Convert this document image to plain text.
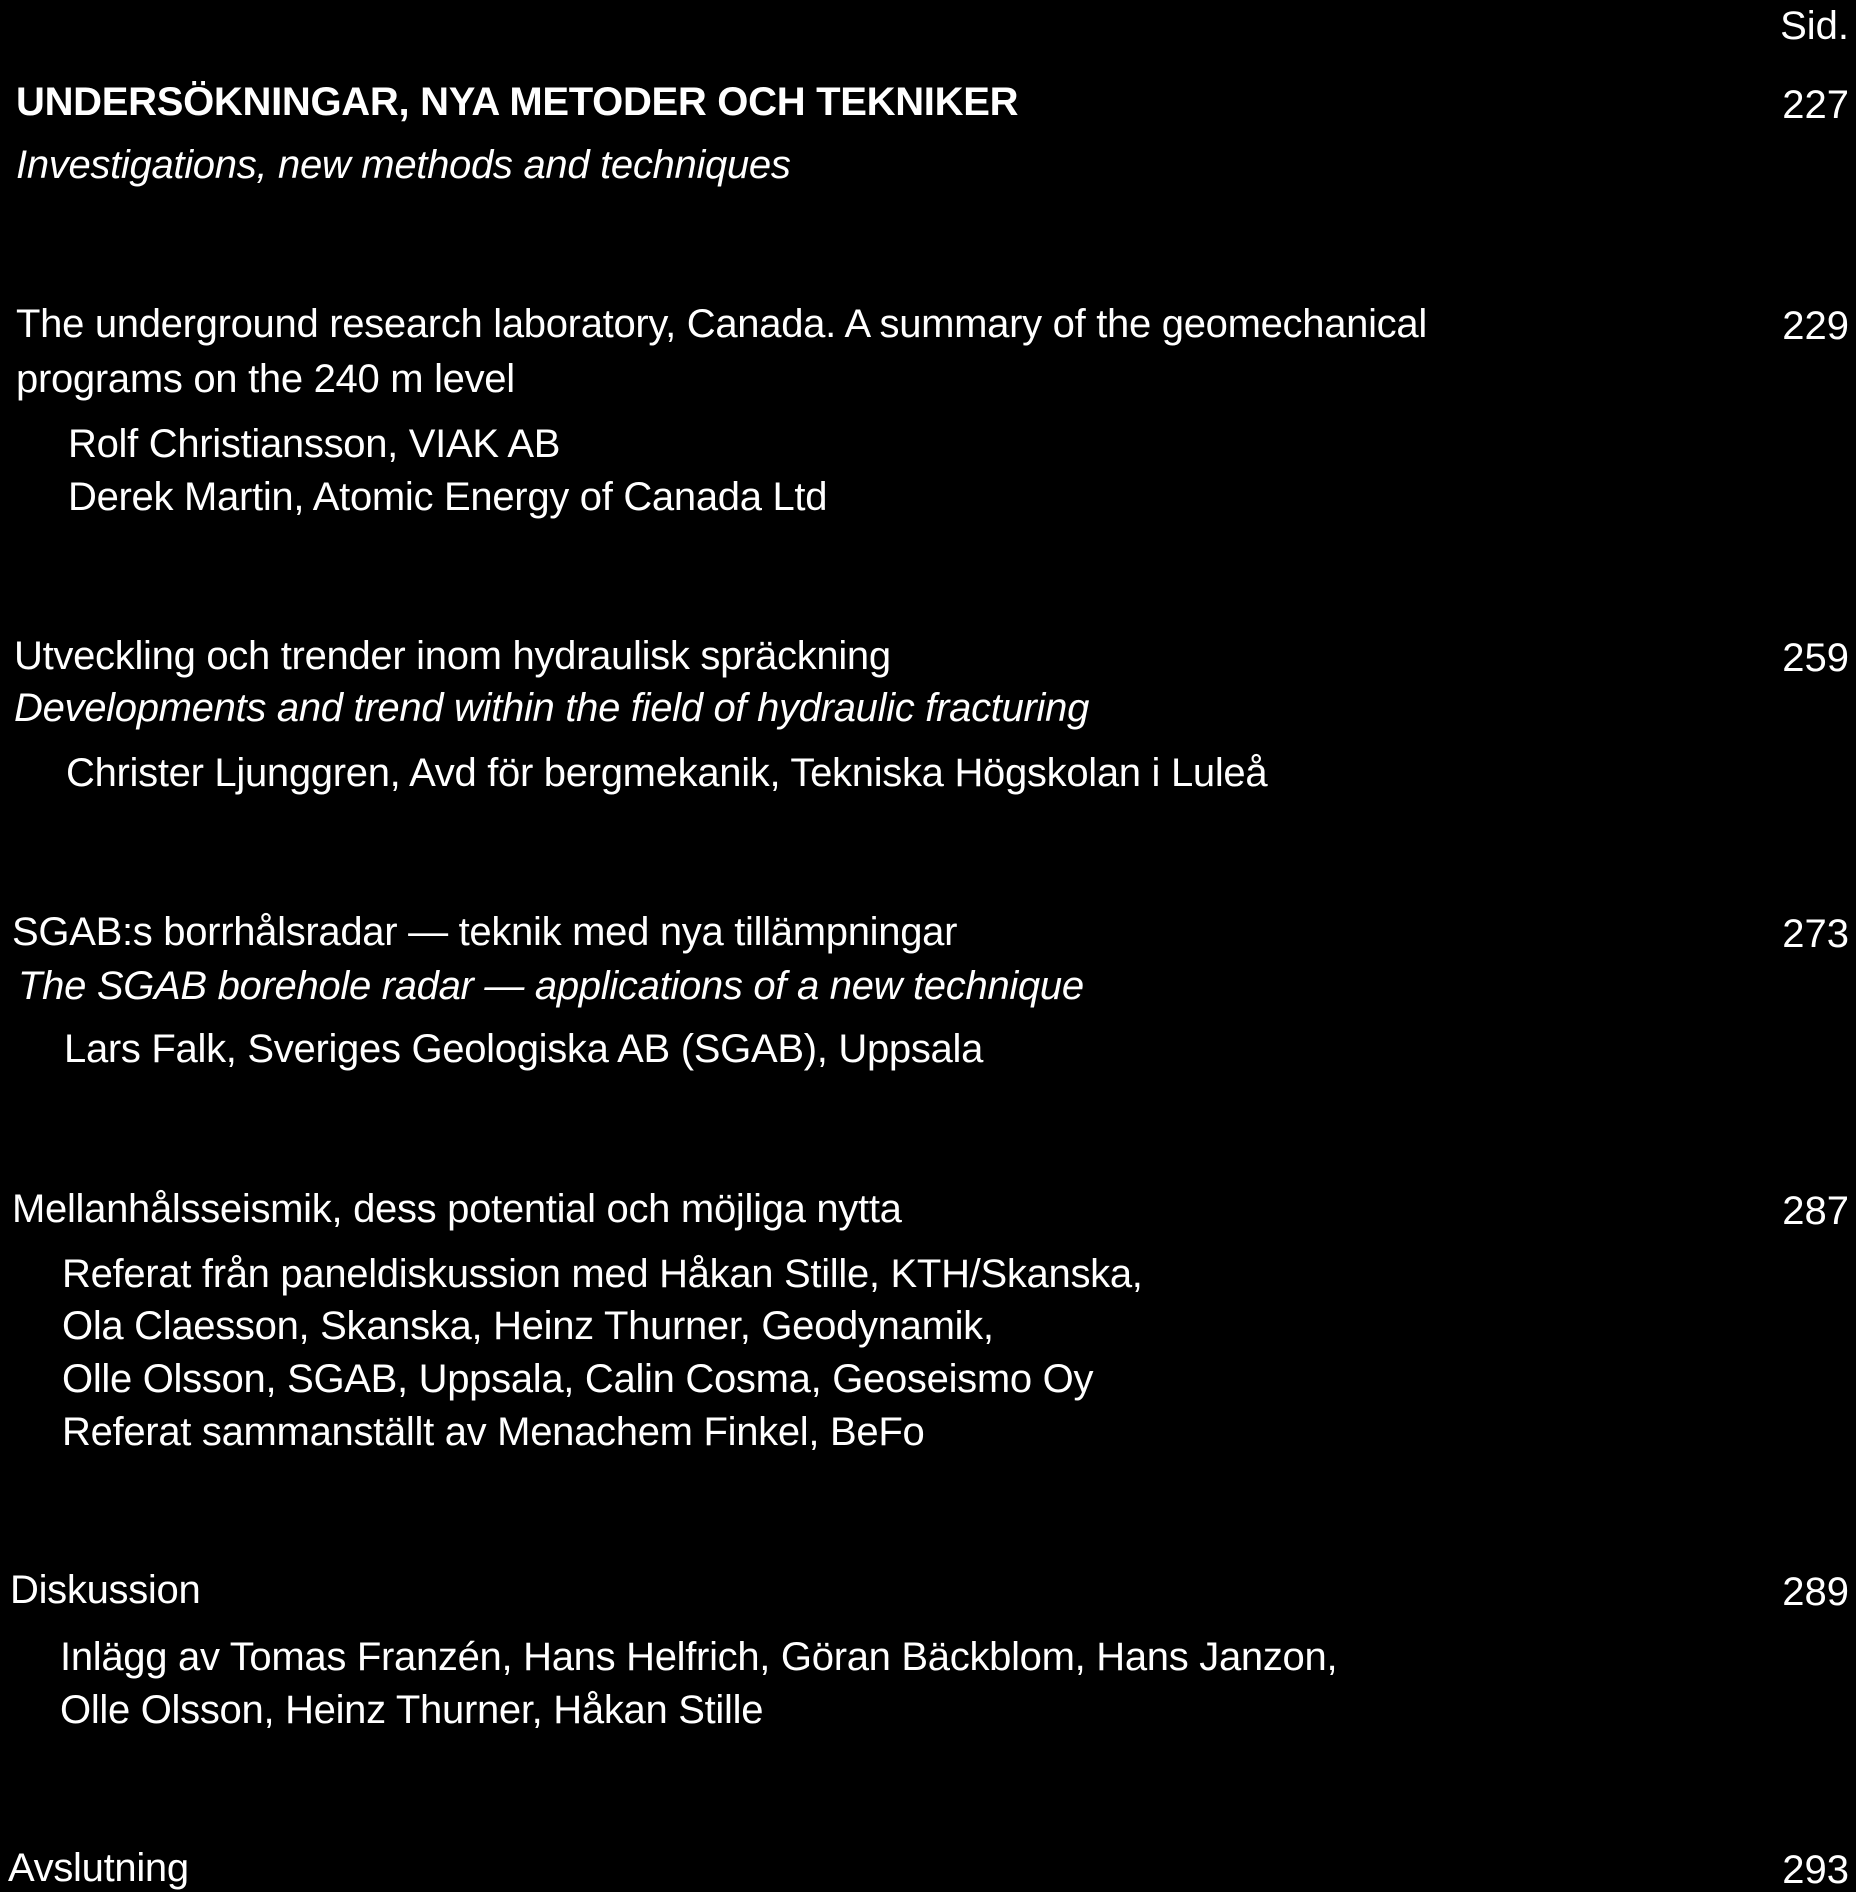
Sid.
UNDERSÖKNINGAR, NYA METODER OCH TEKNIKER	227
Investigations, new methods and techniques
The underground research laboratory, Canada. A summary of the geomechanical	229
programs on the 240 m level
Rolf Christiansson, VIAK AB
Derek Martin, Atomic Energy of Canada Ltd
Utveckling och trender inom hydraulisk spräckning	259
Developments and trend within the field of hydraulic fracturing
Christer Ljunggren, Avd för bergmekanik, Tekniska Högskolan i Luleå
SGAB:s borrhålsradar — teknik med nya tillämpningar	273
The SGAB borehole radar — applications of a new technique
Lars Falk, Sveriges Geologiska AB (SGAB), Uppsala
Mellanhålsseismik, dess potential och möjliga nytta	287
Referat från paneldiskussion med Håkan Stille, KTH/Skanska,
Ola Claesson, Skanska, Heinz Thurner, Geodynamik,
Olle Olsson, SGAB, Uppsala, Calin Cosma, Geoseismo Oy
Referat sammanställt av Menachem Finkel, BeFo
Diskussion	289
Inlägg av Tomas Franzén, Hans Helfrich, Göran Bäckblom, Hans Janzon,
Olle Olsson, Heinz Thurner, Håkan Stille
Avslutning	293
